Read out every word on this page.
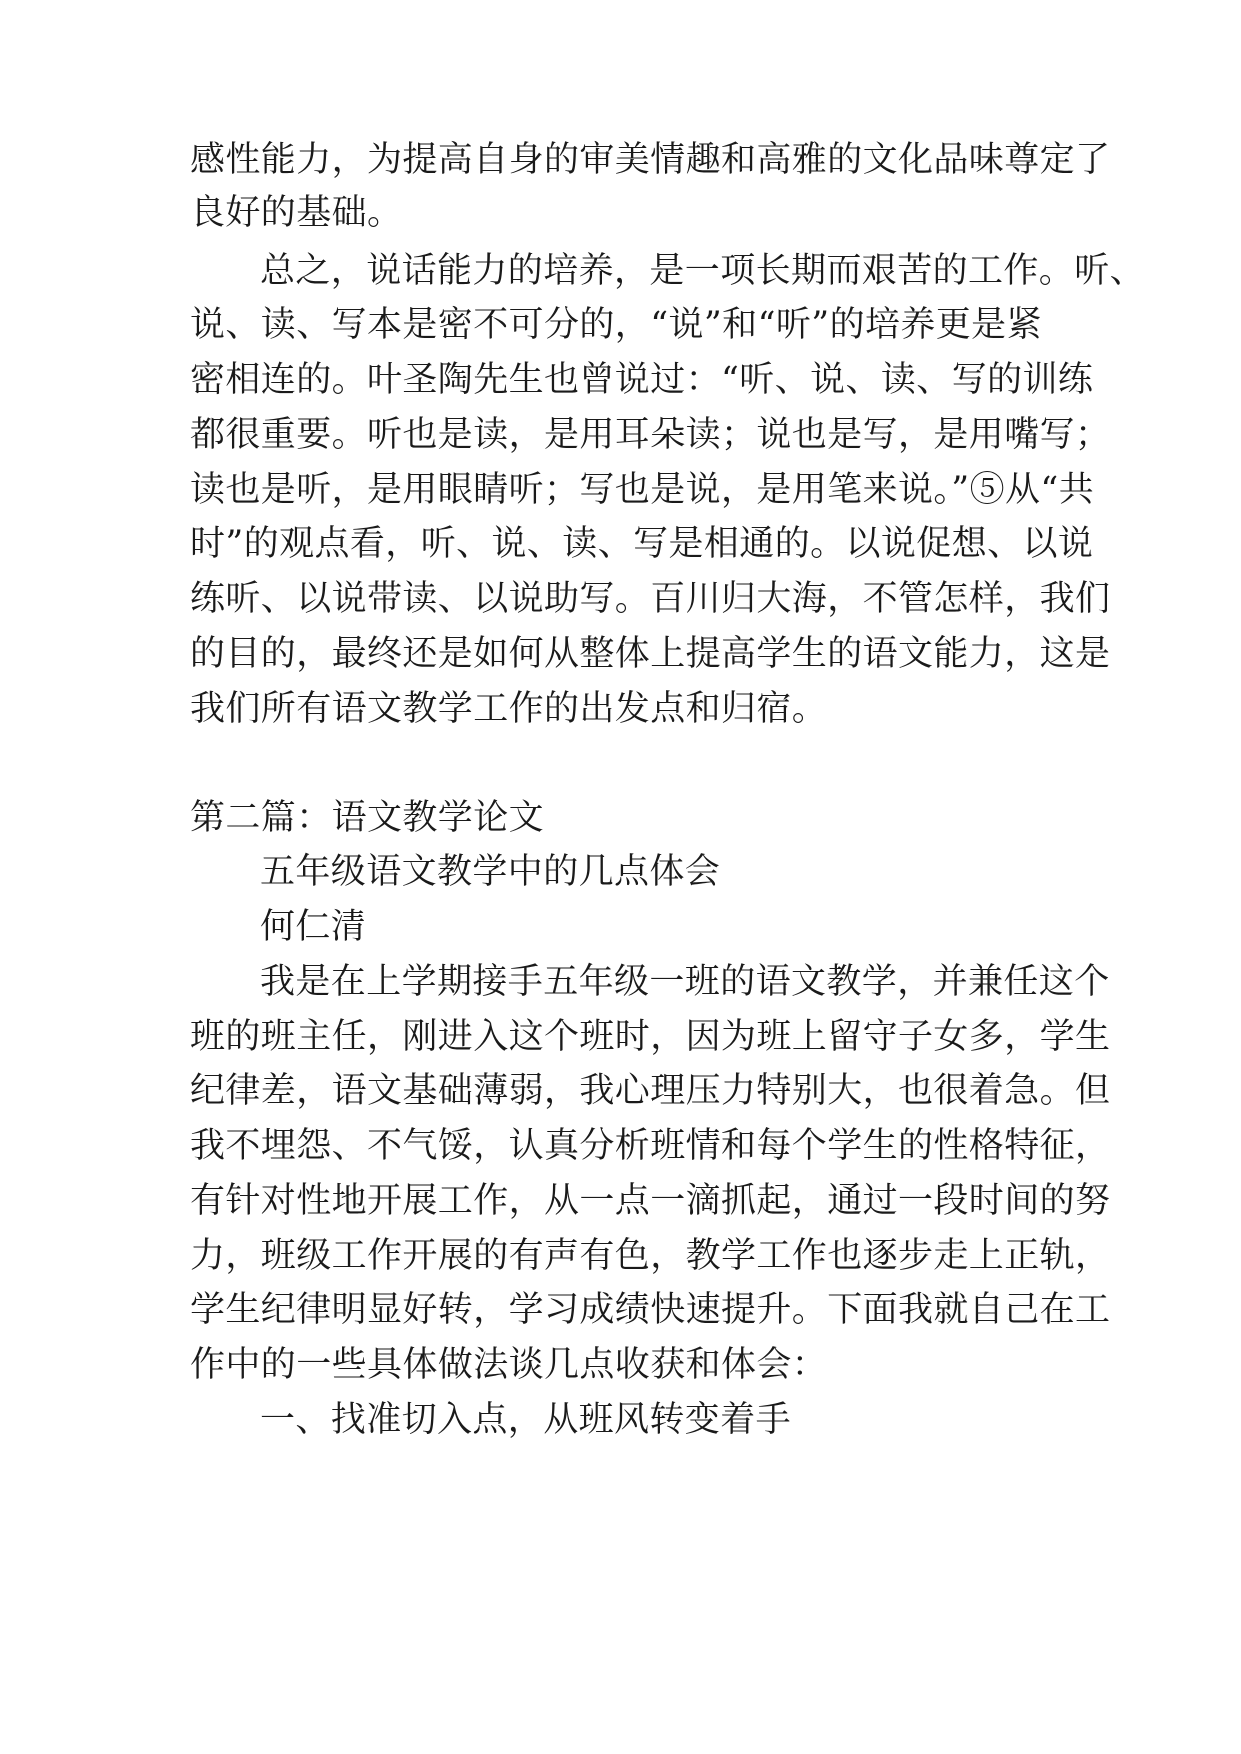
感性能力，为提高自身的审美情趣和高雅的文化品味尊定了
良好的基础。
总之，说话能力的培养，是一项长期而艰苦的工作。听、
说、读、写本是密不可分的，“说”和“听”的培养更是紧
密相连的。叶圣陶先生也曾说过：“听、说、读、写的训练
都很重要。听也是读，是用耳朵读；说也是写，是用嘴写；
读也是听，是用眼睛听；写也是说，是用笔来说。”⑤从“共
时”的观点看，听、说、读、写是相通的。以说促想、以说
练听、以说带读、以说助写。百川归大海，不管怎样，我们
的目的，最终还是如何从整体上提高学生的语文能力，这是
我们所有语文教学工作的出发点和归宿。
第二篇：语文教学论文
五年级语文教学中的几点体会
何仁清
我是在上学期接手五年级一班的语文教学，并兼任这个
班的班主任，刚进入这个班时，因为班上留守子女多，学生
纪律差，语文基础薄弱，我心理压力特别大，也很着急。但
我不埋怨、不气馁，认真分析班情和每个学生的性格特征，
有针对性地开展工作，从一点一滴抓起，通过一段时间的努
力，班级工作开展的有声有色，教学工作也逐步走上正轨，
学生纪律明显好转，学习成绩快速提升。下面我就自己在工
作中的一些具体做法谈几点收获和体会：
一、找准切入点，从班风转变着手
